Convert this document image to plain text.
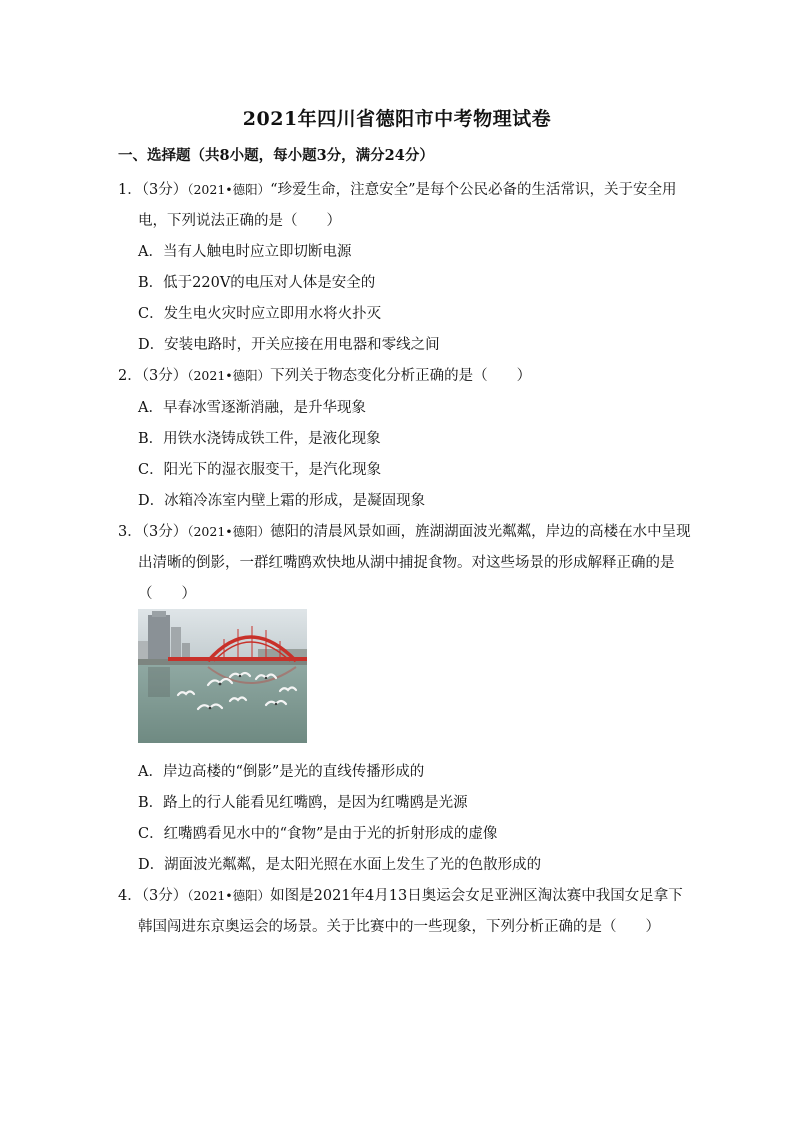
2021年四川省德阳市中考物理试卷
一、选择题（共8小题，每小题3分，满分24分）
1．（3分）（2021•德阳）“珍爱生命，注意安全”是每个公民必备的生活常识，关于安全用
电，下列说法正确的是（　　）
A．当有人触电时应立即切断电源
B．低于220V的电压对人体是安全的
C．发生电火灾时应立即用水将火扑灭
D．安装电路时，开关应接在用电器和零线之间
2．（3分）（2021•德阳）下列关于物态变化分析正确的是（　　）
A．早春冰雪逐渐消融，是升华现象
B．用铁水浇铸成铁工件，是液化现象
C．阳光下的湿衣服变干，是汽化现象
D．冰箱冷冻室内壁上霜的形成，是凝固现象
3．（3分）（2021•德阳）德阳的清晨风景如画，旌湖湖面波光粼粼，岸边的高楼在水中呈现
出清晰的倒影，一群红嘴鸥欢快地从湖中捕捉食物。对这些场景的形成解释正确的是
（　　）
A．岸边高楼的“倒影”是光的直线传播形成的
B．路上的行人能看见红嘴鸥，是因为红嘴鸥是光源
C．红嘴鸥看见水中的“食物”是由于光的折射形成的虚像
D．湖面波光粼粼，是太阳光照在水面上发生了光的色散形成的
4．（3分）（2021•德阳）如图是2021年4月13日奥运会女足亚洲区淘汰赛中我国女足拿下
韩国闯进东京奥运会的场景。关于比赛中的一些现象，下列分析正确的是（　　）
